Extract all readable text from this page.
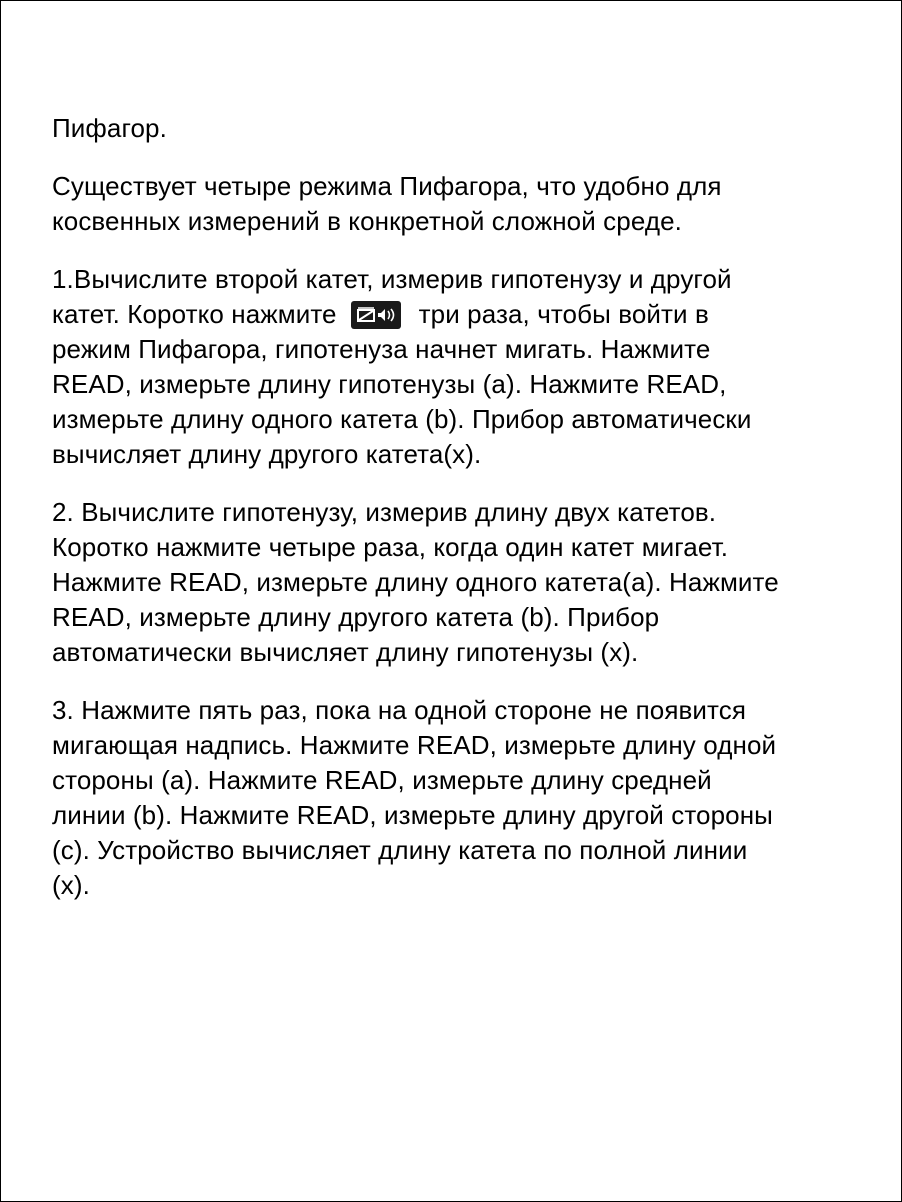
Пифагор.

Существует четыре режима Пифагора, что удобно для
косвенных измерений в конкретной сложной среде.

1.Вычислите второй катет, измерив гипотенузу и другой
катет. Коротко нажмите	три раза, чтобы войти в
режим Пифагора, гипотенуза начнет мигать. Нажмите
READ, измерьте длину гипотенузы (a). Нажмите READ,
измерьте длину одного катета (b). Прибор автоматически
вычисляет длину другого катета(x).

2. Вычислите гипотенузу, измерив длину двух катетов.
Коротко нажмите четыре раза, когда один катет мигает.
Нажмите READ, измерьте длину одного катета(a). Нажмите
READ, измерьте длину другого катета (b). Прибор
автоматически вычисляет длину гипотенузы (x).

3. Нажмите пять раз, пока на одной стороне не появится
мигающая надпись. Нажмите READ, измерьте длину одной
стороны (a). Нажмите READ, измерьте длину средней
линии (b). Нажмите READ, измерьте длину другой стороны
(c). Устройство вычисляет длину катета по полной линии
(x).
